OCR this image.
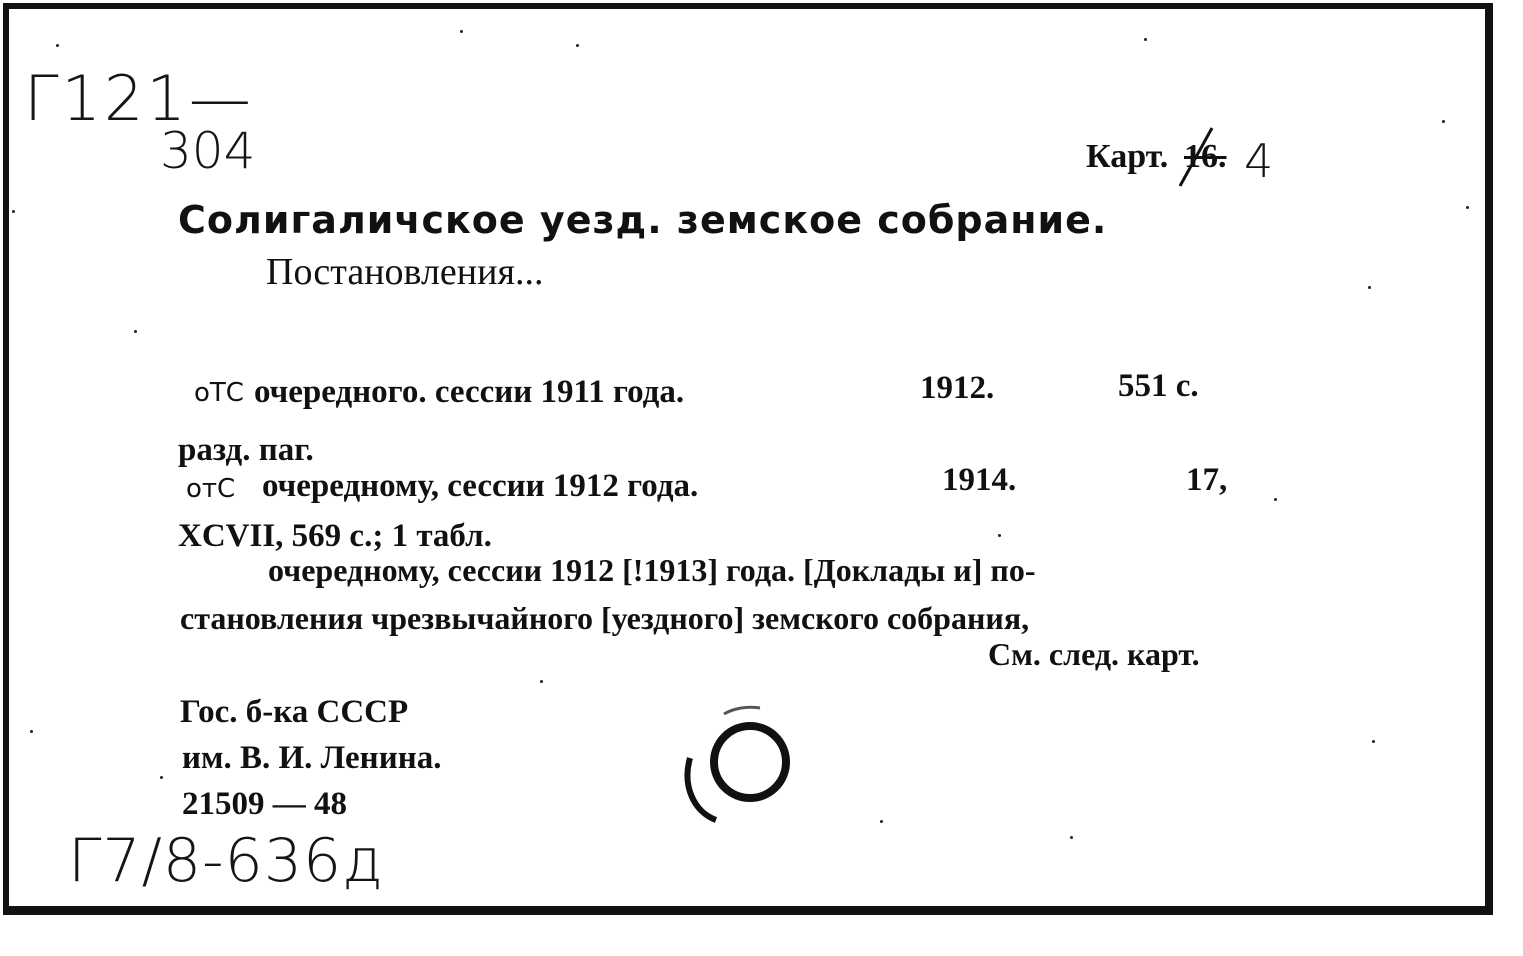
Г121—
304
Г7/8-636д
Карт. 16. 4
Солигаличское уезд. земское собрание.
Постановления...
оТС очередного. сессии 1911 года.	1912.	551 с.
разд. паг.
отС очередному, сессии 1912 года.	1914.	17,
XCVII, 569 с.; 1 табл.
очередному, сессии 1912 [!1913] года. [Доклады и] по-
становления чрезвычайного [уездного] земского собрания,
См. след. карт.
Гос. б-ка СССР
им. В. И. Ленина.
21509 — 48
